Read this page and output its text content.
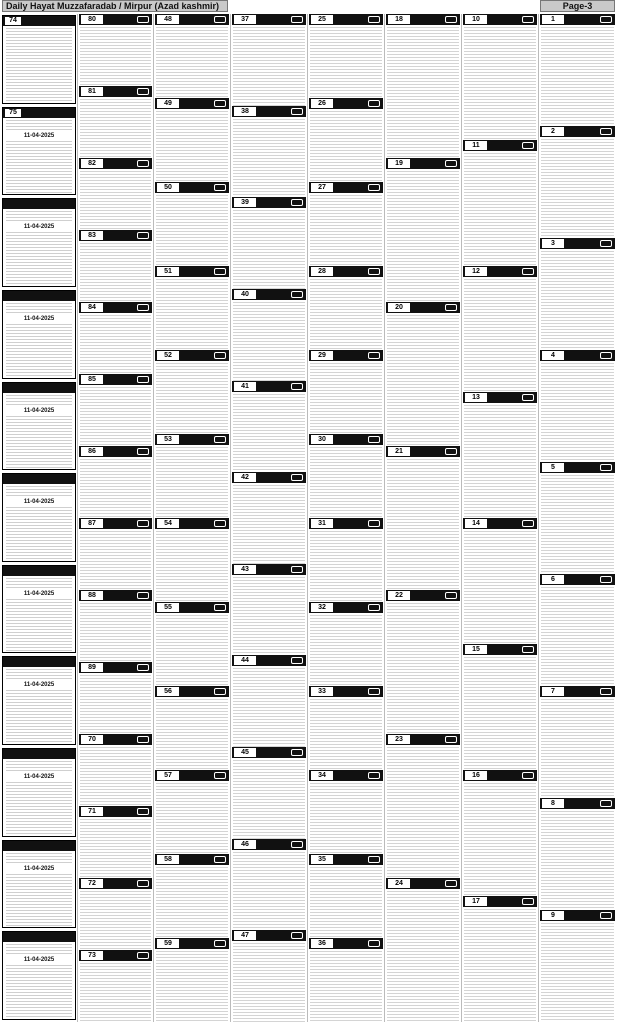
Daily Hayat Muzzafaradab / Mirpur (Azad kashmir)	Page-3
74
75
11-04-2025
11-04-2025
11-04-2025
11-04-2025
11-04-2025
11-04-2025
11-04-2025
11-04-2025
11-04-2025
11-04-2025
80
81
82
83
84
85
86
87
88
89
70
71
72
73
48
49
50
51
52
53
54
55
56
57
58
59
37
38
39
40
41
42
43
44
45
46
47
25
26
27
28
29
30
31
32
33
34
35
36
18
19
20
21
22
23
24
10
11
12
13
14
15
16
17
1
2
3
4
5
6
7
8
9
